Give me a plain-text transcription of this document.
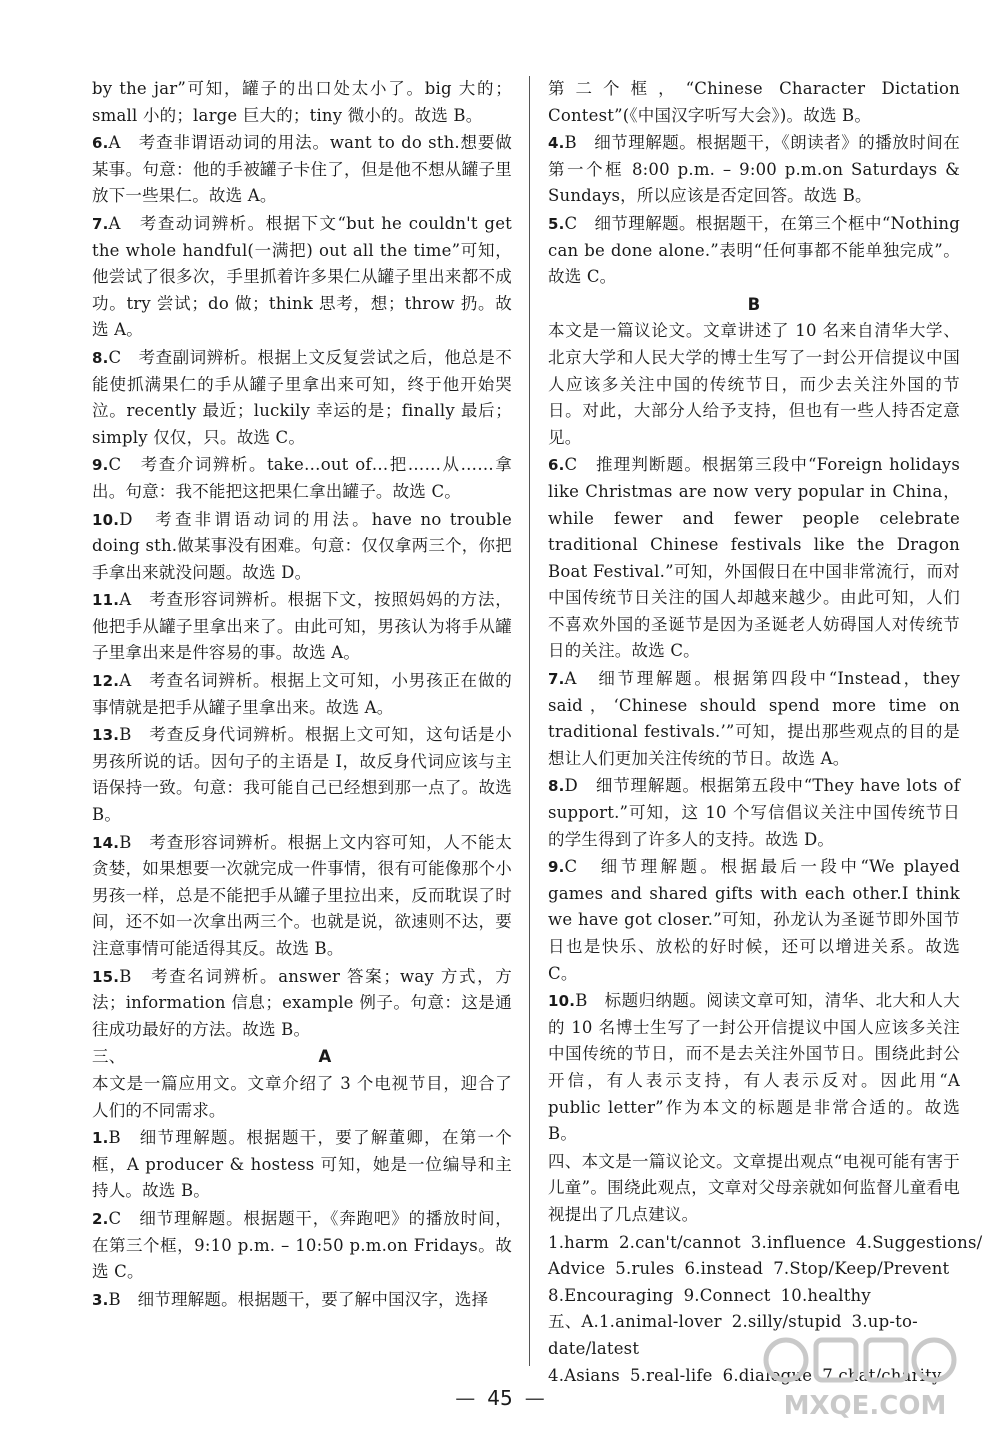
by the jar”可知，罐子的出口处太小了。big 大的；small 小的；large 巨大的；tiny 微小的。故选 B。

6.A　考查非谓语动词的用法。want to do sth.想要做某事。句意：他的手被罐子卡住了，但是他不想从罐子里放下一些果仁。故选 A。

7.A　考查动词辨析。根据下文“but he couldn't get the whole handful(一满把) out all the time”可知，他尝试了很多次，手里抓着许多果仁从罐子里出来都不成功。try 尝试；do 做；think 思考，想；throw 扔。故选 A。

8.C　考查副词辨析。根据上文反复尝试之后，他总是不能使抓满果仁的手从罐子里拿出来可知，终于他开始哭泣。recently 最近；luckily 幸运的是；finally 最后；simply 仅仅，只。故选 C。

9.C　考查介词辨析。take…out of…把……从……拿出。句意：我不能把这把果仁拿出罐子。故选 C。

10.D　考查非谓语动词的用法。have no trouble doing sth.做某事没有困难。句意：仅仅拿两三个，你把手拿出来就没问题。故选 D。

11.A　考查形容词辨析。根据下文，按照妈妈的方法，他把手从罐子里拿出来了。由此可知，男孩认为将手从罐子里拿出来是件容易的事。故选 A。

12.A　考查名词辨析。根据上文可知，小男孩正在做的事情就是把手从罐子里拿出来。故选 A。

13.B　考查反身代词辨析。根据上文可知，这句话是小男孩所说的话。因句子的主语是 I，故反身代词应该与主语保持一致。句意：我可能自己已经想到那一点了。故选 B。

14.B　考查形容词辨析。根据上文内容可知，人不能太贪婪，如果想要一次就完成一件事情，很有可能像那个小男孩一样，总是不能把手从罐子里拉出来，反而耽误了时间，还不如一次拿出两三个。也就是说，欲速则不达，要注意事情可能适得其反。故选 B。

15.B　考查名词辨析。answer 答案；way 方式，方法；information 信息；example 例子。句意：这是通往成功最好的方法。故选 B。

三、	A

本文是一篇应用文。文章介绍了 3 个电视节目，迎合了人们的不同需求。

1.B　细节理解题。根据题干，要了解董卿，在第一个框，A producer & hostess 可知，她是一位编导和主持人。故选 B。

2.C　细节理解题。根据题干，《奔跑吧》的播放时间，在第三个框，9:10 p.m. – 10:50 p.m.on Fridays。故选 C。

3.B　细节理解题。根据题干，要了解中国汉字，选择

第二个框，“Chinese Character Dictation Contest”(《中国汉字听写大会》)。故选 B。

4.B　细节理解题。根据题干，《朗读者》的播放时间在第一个框 8:00 p.m. – 9:00 p.m.on Saturdays & Sundays，所以应该是否定回答。故选 B。

5.C　细节理解题。根据题干，在第三个框中“Nothing can be done alone.”表明“任何事都不能单独完成”。故选 C。

B

本文是一篇议论文。文章讲述了 10 名来自清华大学、北京大学和人民大学的博士生写了一封公开信提议中国人应该多关注中国的传统节日，而少去关注外国的节日。对此，大部分人给予支持，但也有一些人持否定意见。

6.C　推理判断题。根据第三段中“Foreign holidays like Christmas are now very popular in China，while fewer and fewer people celebrate traditional Chinese festivals like the Dragon Boat Festival.”可知，外国假日在中国非常流行，而对中国传统节日关注的国人却越来越少。由此可知，人们不喜欢外国的圣诞节是因为圣诞老人妨碍国人对传统节日的关注。故选 C。

7.A　细节理解题。根据第四段中“Instead，they said，‘Chinese should spend more time on traditional festivals.’”可知，提出那些观点的目的是想让人们更加关注传统的节日。故选 A。

8.D　细节理解题。根据第五段中“They have lots of support.”可知，这 10 个写信倡议关注中国传统节日的学生得到了许多人的支持。故选 D。

9.C　细节理解题。根据最后一段中“We played games and shared gifts with each other.I think we have got closer.”可知，孙龙认为圣诞节即外国节日也是快乐、放松的好时候，还可以增进关系。故选 C。

10.B　标题归纳题。阅读文章可知，清华、北大和人大的 10 名博士生写了一封公开信提议中国人应该多关注中国传统的节日，而不是去关注外国节日。围绕此封公开信，有人表示支持，有人表示反对。因此用“A public letter”作为本文的标题是非常合适的。故选 B。

四、本文是一篇议论文。文章提出观点“电视可能有害于儿童”。围绕此观点，文章对父母亲就如何监督儿童看电视提出了几点建议。

1.harm 2.can't/cannot 3.influence 4.Suggestions/
Advice 5.rules 6.instead 7.Stop/Keep/Prevent
8.Encouraging 9.Connect 10.healthy
五、A.1.animal-lover 2.silly/stupid 3.up-to-date/latest
4.Asians 5.real-life 6.dialogue 7.chat/charity
— 45 —	MXQE.COM
